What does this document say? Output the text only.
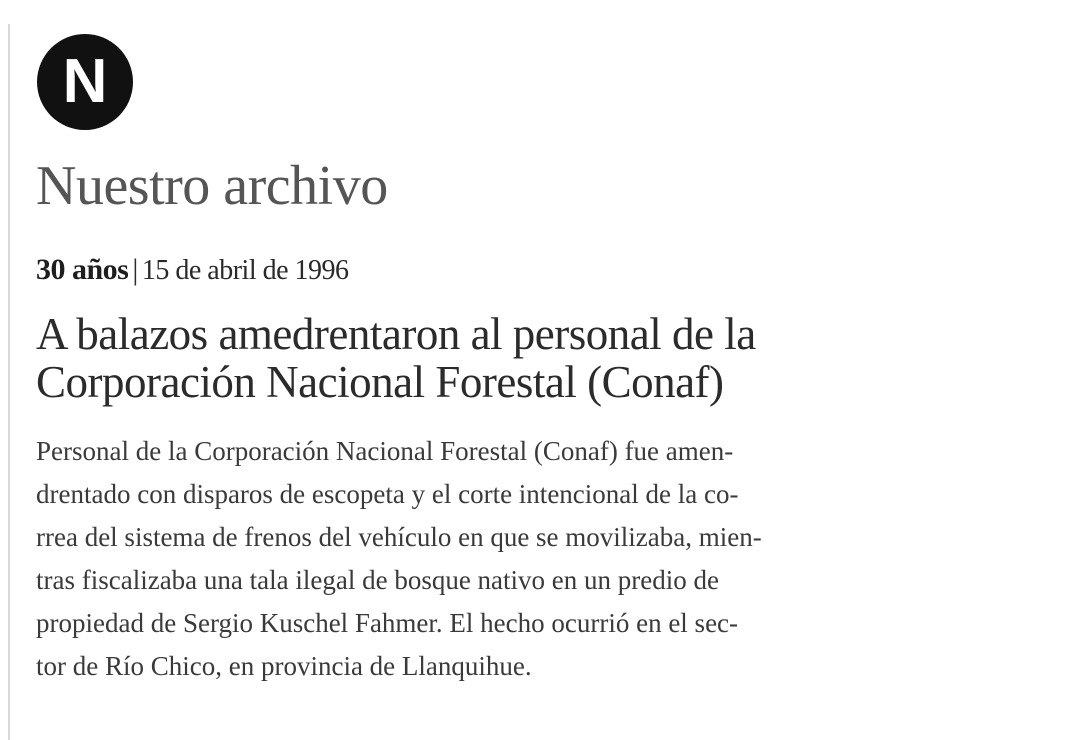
N
Nuestro archivo

30 años | 15 de abril de 1996

A balazos amedrentaron al personal de la
Corporación Nacional Forestal (Conaf)

Personal de la Corporación Nacional Forestal (Conaf) fue amen-
drentado con disparos de escopeta y el corte intencional de la co-
rrea del sistema de frenos del vehículo en que se movilizaba, mien-
tras fiscalizaba una tala ilegal de bosque nativo en un predio de
propiedad de Sergio Kuschel Fahmer. El hecho ocurrió en el sec-
tor de Río Chico, en provincia de Llanquihue.
